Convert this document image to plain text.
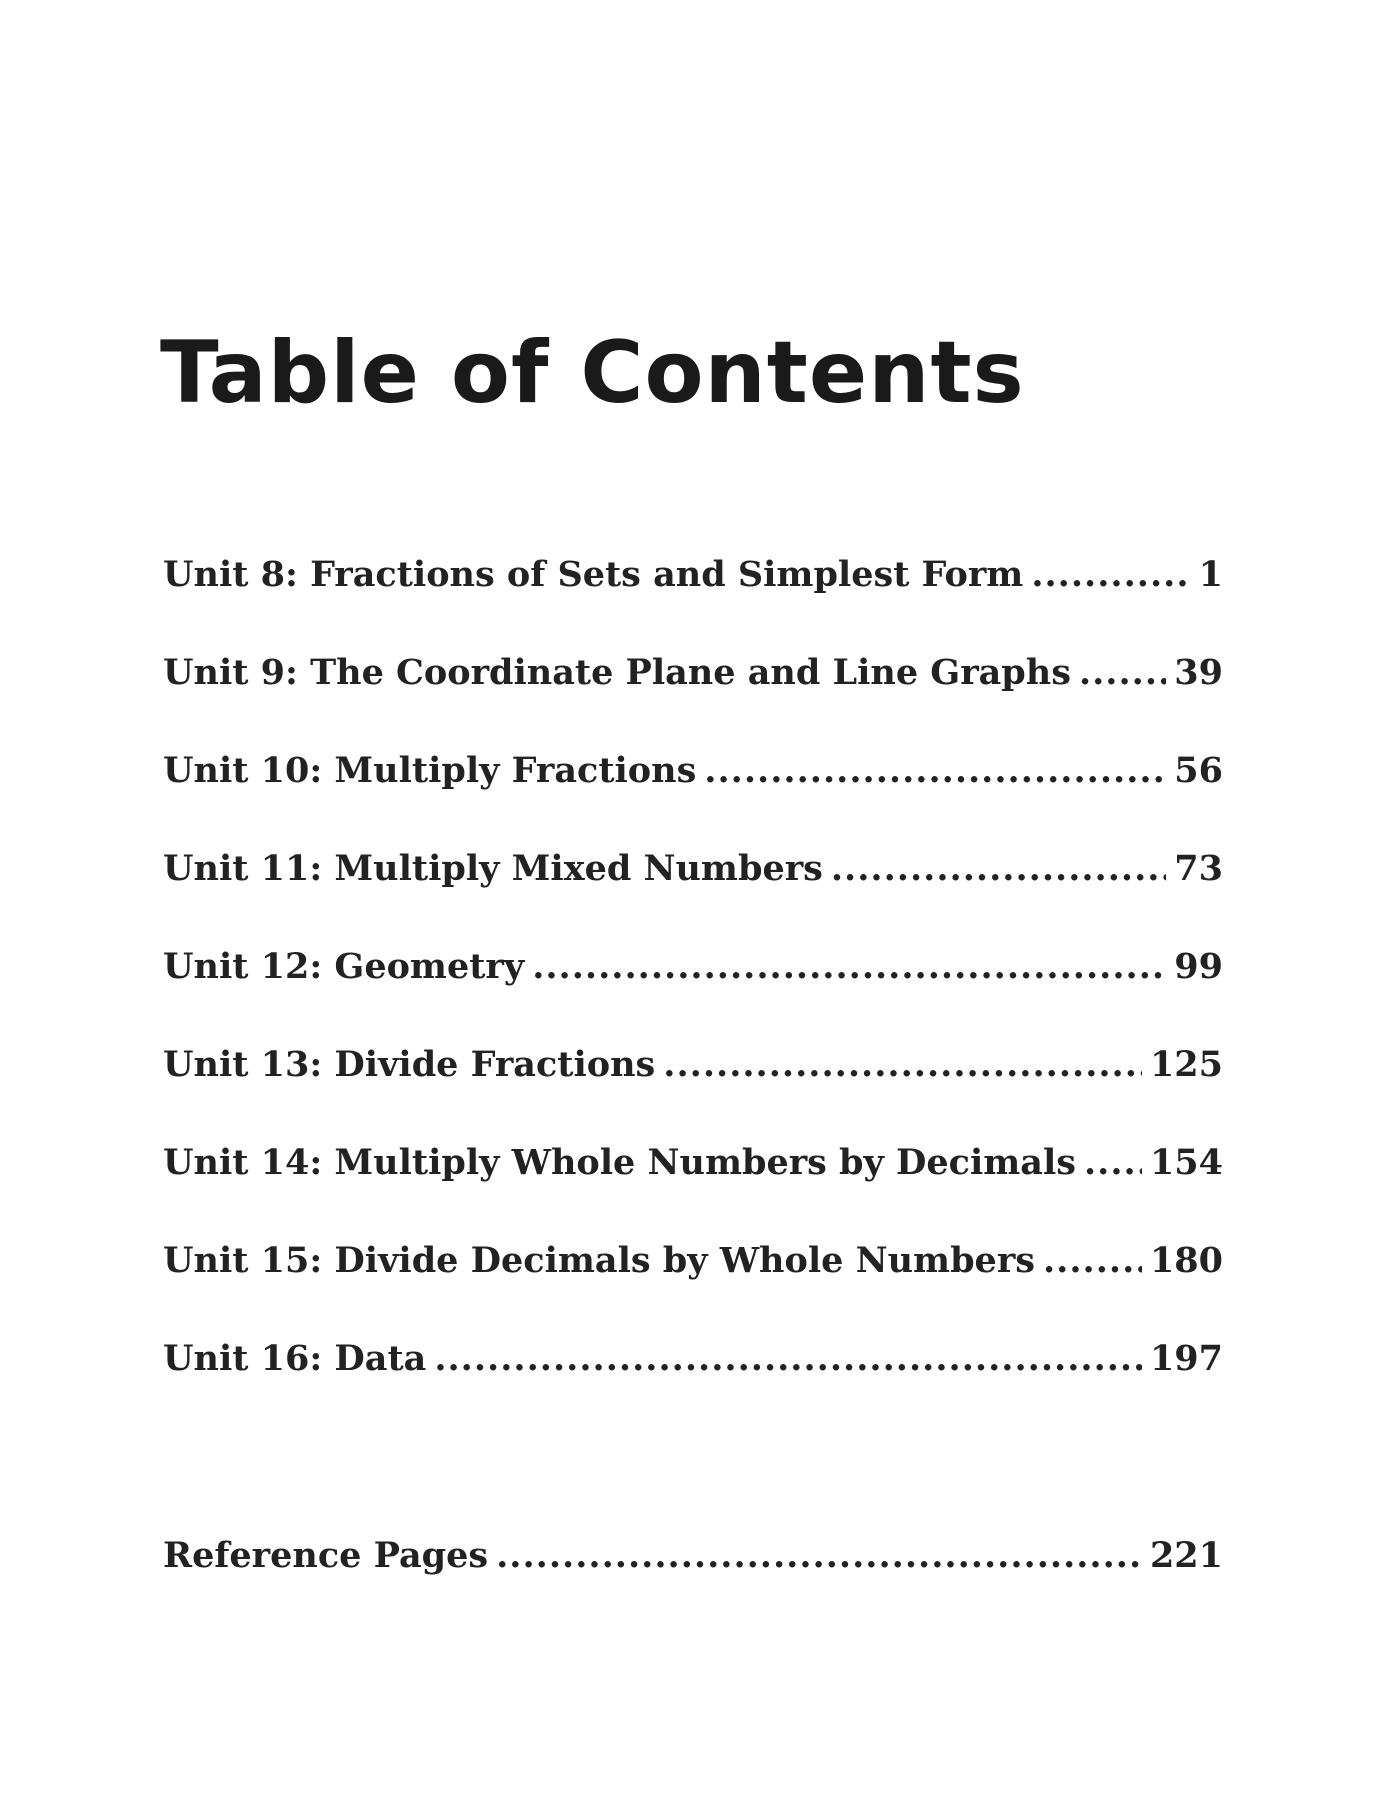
Table of Contents
Unit 8: Fractions of Sets and Simplest Form .....	1
Unit 9: The Coordinate Plane and Line Graphs .....	39
Unit 10: Multiply Fractions .....	56
Unit 11: Multiply Mixed Numbers .....	73
Unit 12: Geometry .....	99
Unit 13: Divide Fractions .....	125
Unit 14: Multiply Whole Numbers by Decimals ..... 154
Unit 15: Divide Decimals by Whole Numbers .....	180
Unit 16: Data .....	197
Reference Pages .....	221
